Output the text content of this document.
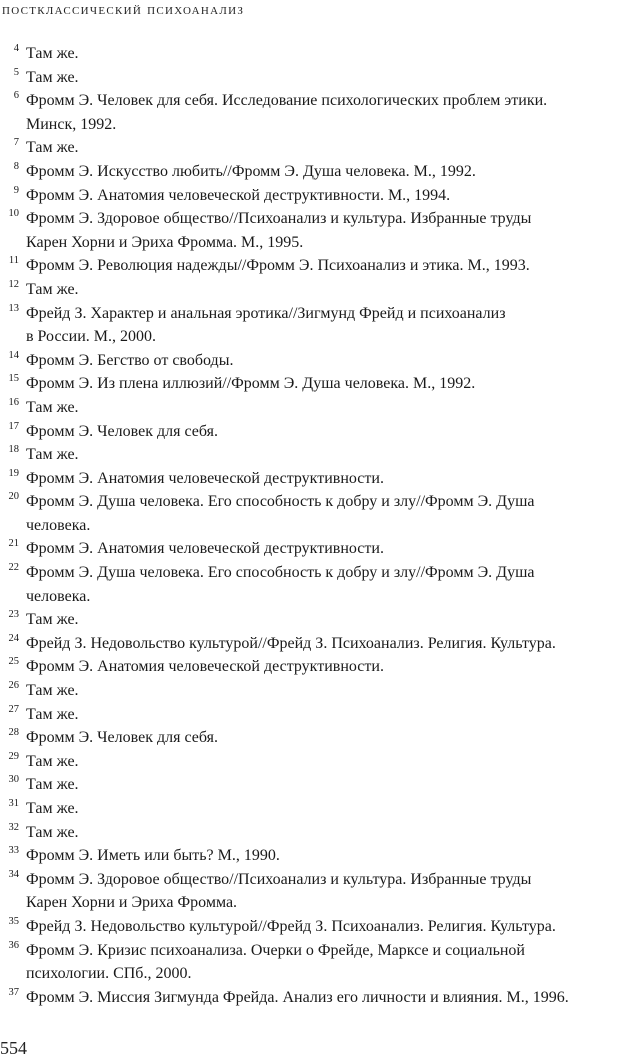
постклассический психоанализ
4 Там же.
5 Там же.
6 Фромм Э. Человек для себя. Исследование психологических проблем этики.
Минск, 1992.
7 Там же.
8 Фромм Э. Искусство любить//Фромм Э. Душа человека. М., 1992.
9 Фромм Э. Анатомия человеческой деструктивности. М., 1994.
10 Фромм Э. Здоровое общество//Психоанализ и культура. Избранные труды
Карен Хорни и Эриха Фромма. М., 1995.
11 Фромм Э. Революция надежды//Фромм Э. Психоанализ и этика. М., 1993.
12 Там же.
13 Фрейд З. Характер и анальная эротика//Зигмунд Фрейд и психоанализ
в России. М., 2000.
14 Фромм Э. Бегство от свободы.
15 Фромм Э. Из плена иллюзий//Фромм Э. Душа человека. М., 1992.
16 Там же.
17 Фромм Э. Человек для себя.
18 Там же.
19 Фромм Э. Анатомия человеческой деструктивности.
20 Фромм Э. Душа человека. Его способность к добру и злу//Фромм Э. Душа
человека.
21 Фромм Э. Анатомия человеческой деструктивности.
22 Фромм Э. Душа человека. Его способность к добру и злу//Фромм Э. Душа
человека.
23 Там же.
24 Фрейд З. Недовольство культурой//Фрейд З. Психоанализ. Религия. Культура.
25 Фромм Э. Анатомия человеческой деструктивности.
26 Там же.
27 Там же.
28 Фромм Э. Человек для себя.
29 Там же.
30 Там же.
31 Там же.
32 Там же.
33 Фромм Э. Иметь или быть? М., 1990.
34 Фромм Э. Здоровое общество//Психоанализ и культура. Избранные труды
Карен Хорни и Эриха Фромма.
35 Фрейд З. Недовольство культурой//Фрейд З. Психоанализ. Религия. Культура.
36 Фромм Э. Кризис психоанализа. Очерки о Фрейде, Марксе и социальной
психологии. СПб., 2000.
37 Фромм Э. Миссия Зигмунда Фрейда. Анализ его личности и влияния. М., 1996.
554
